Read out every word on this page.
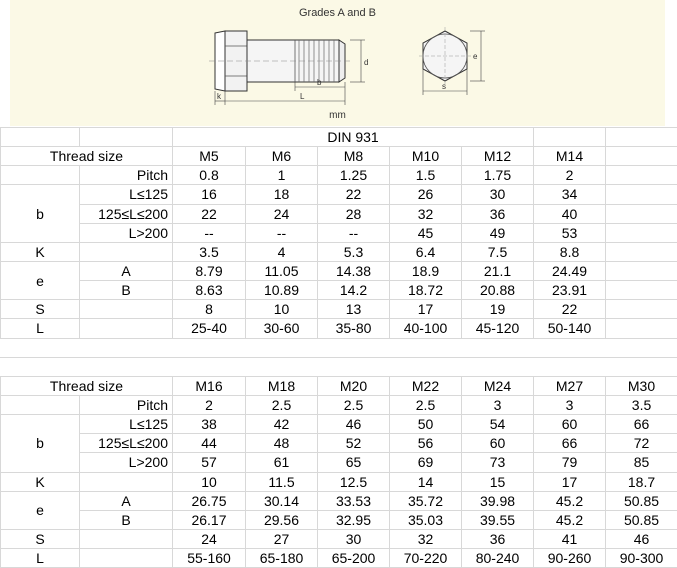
Grades A and B
d
k	L
b
e
s
mm
		DIN 931						
Thread size		M5	M6	M8	M10	M12	M14	
	Pitch	0.8	1	1.25	1.5	1.75	2	
b	L≤125	16	18	22	26	30	34	
	125≤L≤200	22	24	28	32	36	40	
	L>200	--	--	--	45	49	53	
K		3.5	4	5.3	6.4	7.5	8.8	
e	A	8.79	11.05	14.38	18.9	21.1	24.49	
	B	8.63	10.89	14.2	18.72	20.88	23.91	
S		8	10	13	17	19	22	
L		25-40	30-60	35-80	40-100	45-120	50-140	

Thread size		M16	M18	M20	M22	M24	M27	M30
	Pitch	2	2.5	2.5	2.5	3	3	3.5
b	L≤125	38	42	46	50	54	60	66
	125≤L≤200	44	48	52	56	60	66	72
	L>200	57	61	65	69	73	79	85
K		10	11.5	12.5	14	15	17	18.7
e	A	26.75	30.14	33.53	35.72	39.98	45.2	50.85
	B	26.17	29.56	32.95	35.03	39.55	45.2	50.85
S		24	27	30	32	36	41	46
L		55-160	65-180	65-200	70-220	80-240	90-260	90-300
